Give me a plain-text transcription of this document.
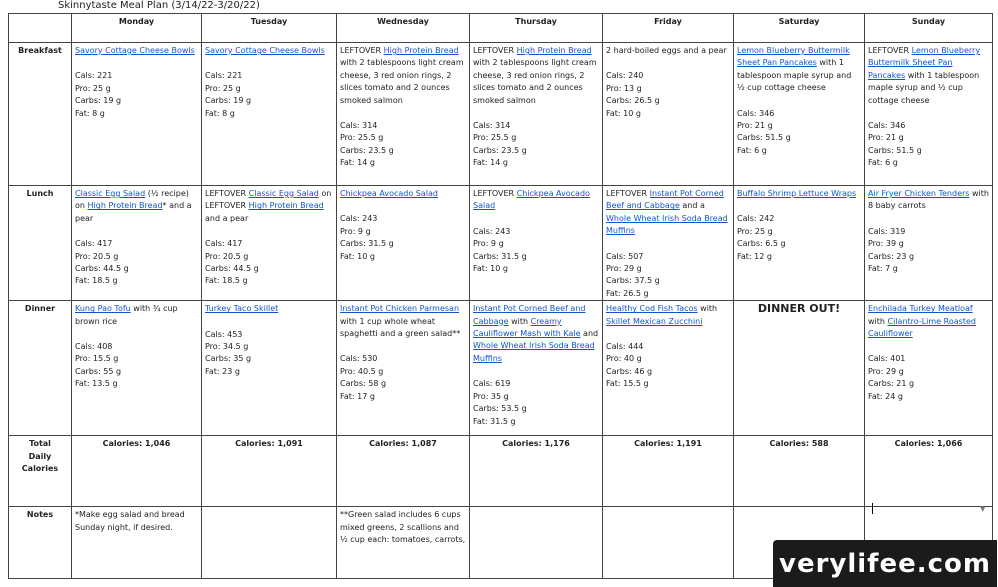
Skinnytaste Meal Plan (3/14/22-3/20/22)
	Monday	Tuesday	Wednesday	Thursday	Friday	Saturday	Sunday
Breakfast	Savory Cottage Cheese Bowls
Cals: 221
Pro: 25 g
Carbs: 19 g
Fat: 8 g	Savory Cottage Cheese Bowls
Cals: 221
Pro: 25 g
Carbs: 19 g
Fat: 8 g	LEFTOVER High Protein Bread with 2 tablespoons light cream cheese, 3 red onion rings, 2 slices tomato and 2 ounces smoked salmon
Cals: 314
Pro: 25.5 g
Carbs: 23.5 g
Fat: 14 g	LEFTOVER High Protein Bread with 2 tablespoons light cream cheese, 3 red onion rings, 2 slices tomato and 2 ounces smoked salmon
Cals: 314
Pro: 25.5 g
Carbs: 23.5 g
Fat: 14 g	2 hard-boiled eggs and a pear
Cals: 240
Pro: 13 g
Carbs: 26.5 g
Fat: 10 g	Lemon Blueberry Buttermilk Sheet Pan Pancakes with 1 tablespoon maple syrup and ½ cup cottage cheese
Cals: 346
Pro: 21 g
Carbs: 51.5 g
Fat: 6 g	LEFTOVER Lemon Blueberry Buttermilk Sheet Pan Pancakes with 1 tablespoon maple syrup and ½ cup cottage cheese
Cals: 346
Pro: 21 g
Carbs: 51.5 g
Fat: 6 g

Lunch	Classic Egg Salad (½ recipe) on High Protein Bread* and a pear
Cals: 417
Pro: 20.5 g
Carbs: 44.5 g
Fat: 18.5 g	LEFTOVER Classic Egg Salad on LEFTOVER High Protein Bread and a pear
Cals: 417
Pro: 20.5 g
Carbs: 44.5 g
Fat: 18.5 g	Chickpea Avocado Salad
Cals: 243
Pro: 9 g
Carbs: 31.5 g
Fat: 10 g	LEFTOVER Chickpea Avocado Salad
Cals: 243
Pro: 9 g
Carbs: 31.5 g
Fat: 10 g	LEFTOVER Instant Pot Corned Beef and Cabbage and a Whole Wheat Irish Soda Bread Muffins
Cals: 507
Pro: 29 g
Carbs: 37.5 g
Fat: 26.5 g	Buffalo Shrimp Lettuce Wraps
Cals: 242
Pro: 25 g
Carbs: 6.5 g
Fat: 12 g	Air Fryer Chicken Tenders with 8 baby carrots
Cals: 319
Pro: 39 g
Carbs: 23 g
Fat: 7 g

Dinner	Kung Pao Tofu with ¾ cup brown rice
Cals: 408
Pro: 15.5 g
Carbs: 55 g
Fat: 13.5 g	Turkey Taco Skillet
Cals: 453
Pro: 34.5 g
Carbs: 35 g
Fat: 23 g	Instant Pot Chicken Parmesan with 1 cup whole wheat spaghetti and a green salad**
Cals: 530
Pro: 40.5 g
Carbs: 58 g
Fat: 17 g	Instant Pot Corned Beef and Cabbage with Creamy Cauliflower Mash with Kale and Whole Wheat Irish Soda Bread Muffins
Cals: 619
Pro: 35 g
Carbs: 53.5 g
Fat: 31.5 g	Healthy Cod Fish Tacos with Skillet Mexican Zucchini
Cals: 444
Pro: 40 g
Carbs: 46 g
Fat: 15.5 g	DINNER OUT!	Enchilada Turkey Meatloaf with Cilantro-Lime Roasted Cauliflower
Cals: 401
Pro: 29 g
Carbs: 21 g
Fat: 24 g

Total
Daily
Calories	Calories: 1,046	Calories: 1,091	Calories: 1,087	Calories: 1,176	Calories: 1,191	Calories: 588	Calories: 1,066
Notes	*Make egg salad and bread Sunday night, if desired.		**Green salad includes 6 cups mixed greens, 2 scallions and ½ cup each: tomatoes, carrots,				
▼
verylifee.com
